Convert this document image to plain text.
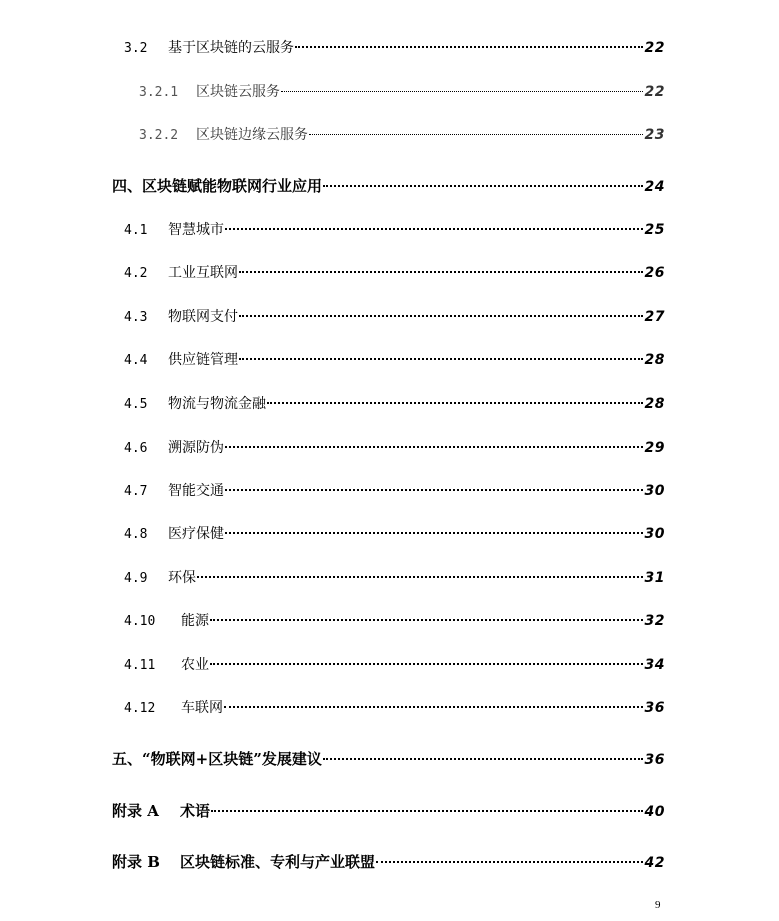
3.2	基于区块链的云服务	22
3.2.1	区块链云服务	22
3.2.2	区块链边缘云服务	23
四、 区块链赋能物联网行业应用	24
4.1	智慧城市	25
4.2	工业互联网	26
4.3	物联网支付	27
4.4	供应链管理	28
4.5	物流与物流金融	28
4.6	溯源防伪	29
4.7	智能交通	30
4.8	医疗保健	30
4.9	环保	31
4.10	能源	32
4.11	农业	34
4.12	车联网	36
五、 “物联网+区块链”发展建议	36
附录 A	术语	40
附录 B	区块链标准、专利与产业联盟	42
9
